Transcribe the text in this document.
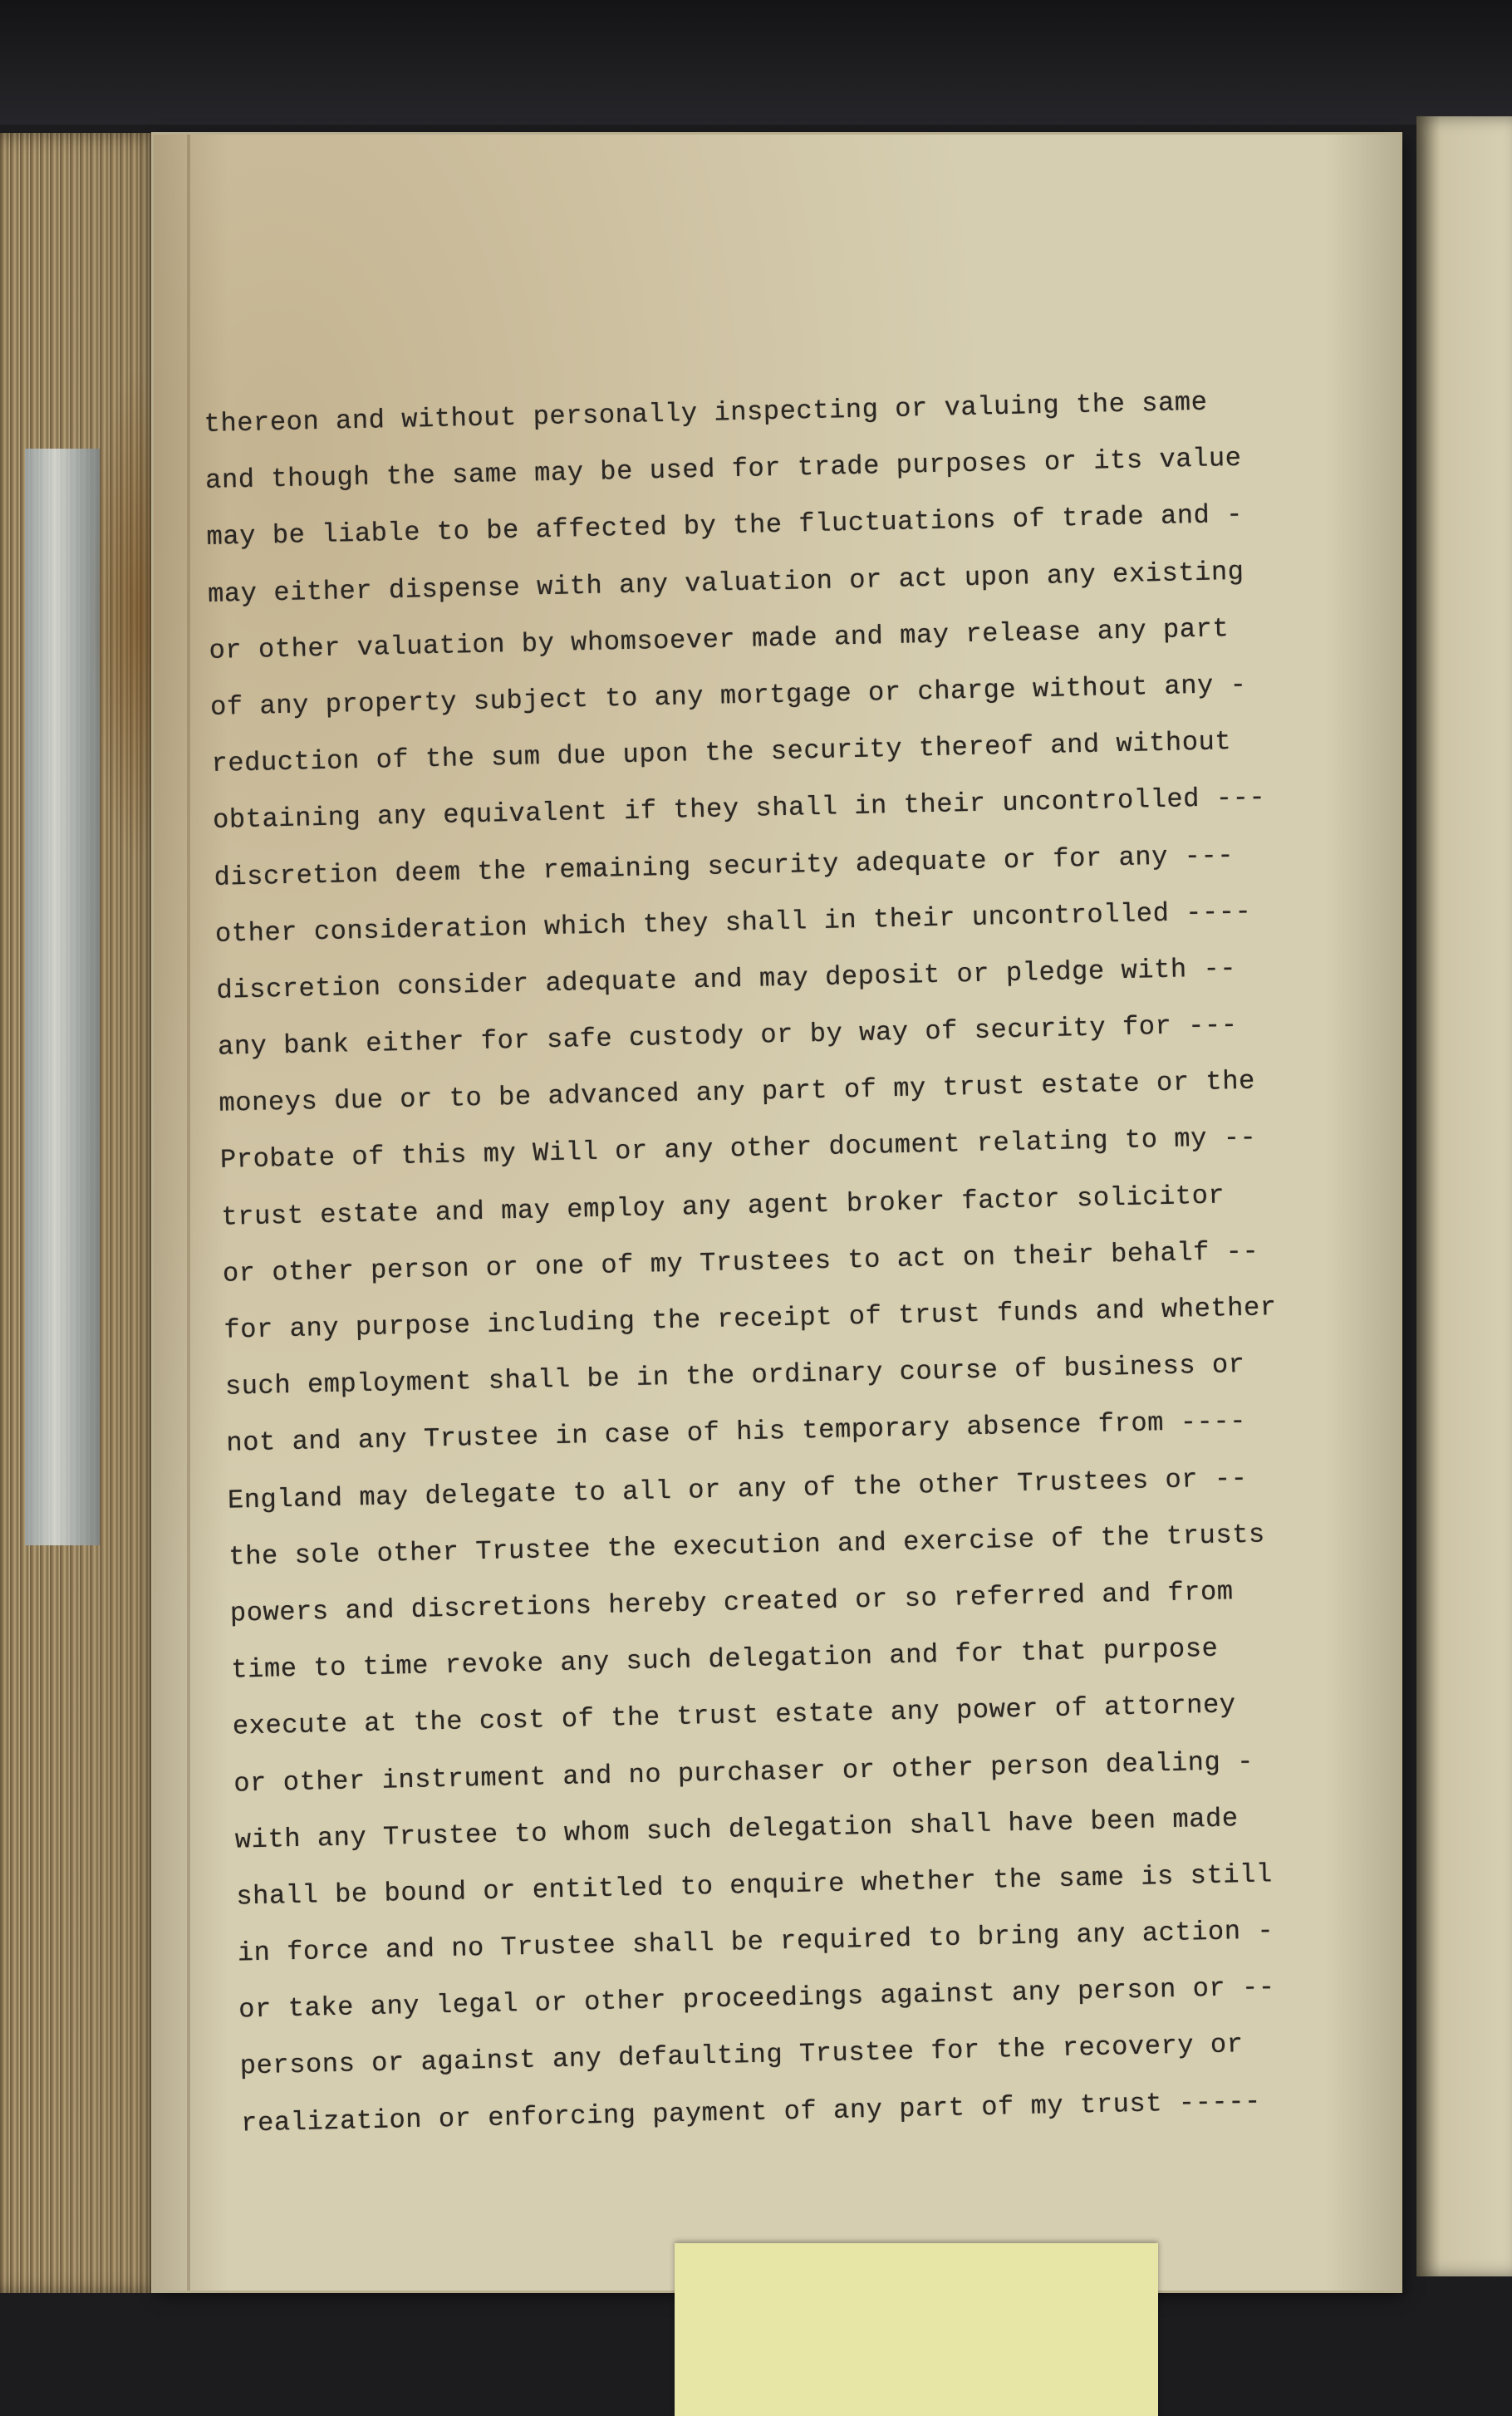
thereon and without personally inspecting or valuing the same
and though the same may be used for trade purposes or its value
may be liable to be affected by the fluctuations of trade and -
may either dispense with any valuation or act upon any existing
or other valuation by whomsoever made and may release any part
of any property subject to any mortgage or charge without any -
reduction of the sum due upon the security thereof and without
obtaining any equivalent if they shall in their uncontrolled ---
discretion deem the remaining security adequate or for any ---
other consideration which they shall in their uncontrolled ----
discretion consider adequate and may deposit or pledge with --
any bank either for safe custody or by way of security for ---
moneys due or to be advanced any part of my trust estate or the
Probate of this my Will or any other document relating to my --
trust estate and may employ any agent broker factor solicitor
or other person or one of my Trustees to act on their behalf --
for any purpose including the receipt of trust funds and whether
such employment shall be in the ordinary course of business or
not and any Trustee in case of his temporary absence from ----
England may delegate to all or any of the other Trustees or --
the sole other Trustee the execution and exercise of the trusts
powers and discretions hereby created or so referred and from
time to time revoke any such delegation and for that purpose
execute at the cost of the trust estate any power of attorney
or other instrument and no purchaser or other person dealing -
with any Trustee to whom such delegation shall have been made
shall be bound or entitled to enquire whether the same is still
in force and no Trustee shall be required to bring any action -
or take any legal or other proceedings against any person or --
persons or against any defaulting Trustee for the recovery or
realization or enforcing payment of any part of my trust -----
